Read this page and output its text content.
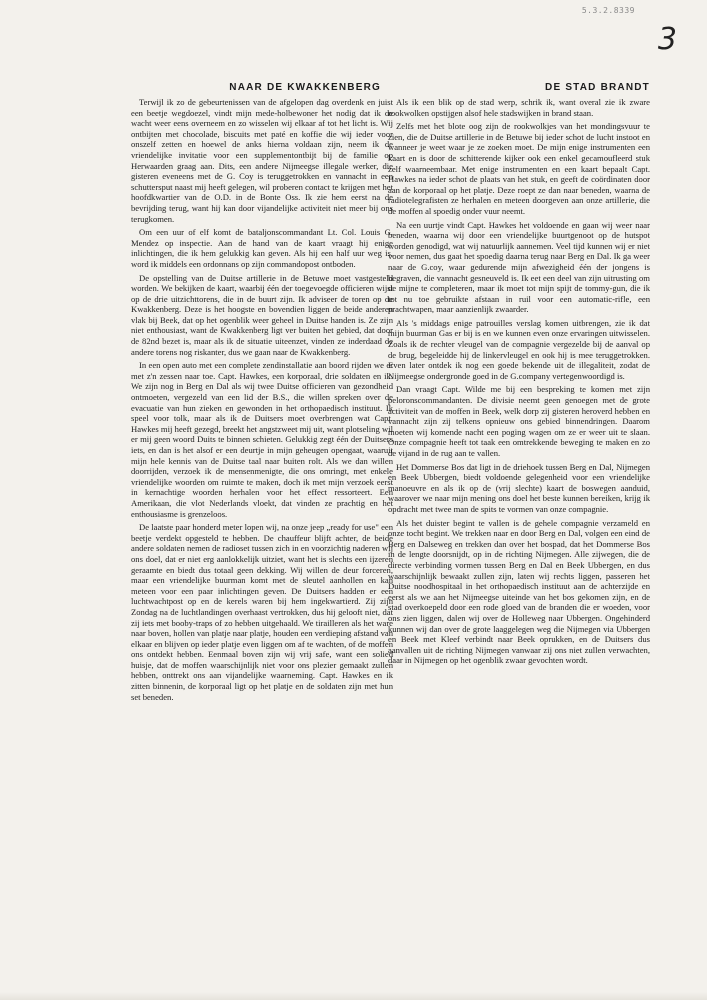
5.3.2.8339
3
NAAR DE KWAKKENBERG

Terwijl ik zo de gebeurtenissen van de afgelopen dag overdenk en juist een beetje wegdoezel, vindt mijn mede-holbewoner het nodig dat ik de wacht weer eens overneem en zo wisselen wij elkaar af tot het licht is. Wij ontbijten met chocolade, biscuits met paté en koffie die wij ieder voor onszelf zetten en hoewel de anks hierna voldaan zijn, neem ik de vriendelijke invitatie voor een supplementontbijt bij de familie op Herwaarden graag aan. Dits, een andere Nijmeegse illegale werker, die gisteren eveneens met de G. Coy is teruggetrokken en vannacht in een schuttersput naast mij heeft gelegen, wil proberen contact te krijgen met het hoofdkwartier van de O.D. in de Bonte Oss. Ik zie hem eerst na de bevrijding terug, want hij kan door vijandelijke activiteit niet meer bij ons terugkomen.

Om een uur of elf komt de bataljonscommandant Lt. Col. Louis G. Mendez op inspectie. Aan de hand van de kaart vraagt hij enige inlichtingen, die ik hem gelukkig kan geven. Als hij een half uur weg is, word ik middels een ordonnans op zijn commandopost ontboden.

De opstelling van de Duitse artillerie in de Betuwe moet vastgesteld worden. We bekijken de kaart, waarbij één der toegevoegde officieren wijst op de drie uitzichttorens, die in de buurt zijn. Ik adviseer de toren op de Kwakkenberg. Deze is het hoogste en bovendien liggen de beide anderen vlak bij Beek, dat op het ogenblik weer geheel in Duitse handen is. Ze zijn niet enthousiast, want de Kwakkenberg ligt ver buiten het gebied, dat door de 82nd bezet is, maar als ik de situatie uiteenzet, vinden ze inderdaad de andere torens nog riskanter, dus we gaan naar de Kwakkenberg.

In een open auto met een complete zendinstallatie aan boord rijden we er met z'n zessen naar toe. Capt. Hawkes, een korporaal, drie soldaten en ik. We zijn nog in Berg en Dal als wij twee Duitse officieren van gezondheid ontmoeten, vergezeld van een lid der B.S., die willen spreken over de evacuatie van hun zieken en gewonden in het orthopaedisch instituut. Ik speel voor tolk, maar als ik de Duitsers moet overbrengen wat Capt. Hawkes mij heeft gezegd, breekt het angstzweet mij uit, want plotseling wil er mij geen woord Duits te binnen schieten. Gelukkig zegt één der Duitsers iets, en dan is het alsof er een deurtje in mijn geheugen opengaat, waaruit mijn hele kennis van de Duitse taal naar buiten rolt. Als we dan willen doorrijden, verzoek ik de mensenmenigte, die ons omringt, met enkele vriendelijke woorden om ruimte te maken, doch ik met mijn verzoek eerst in kernachtige woorden herhalen voor het effect ressorteert. Een Amerikaan, die vlot Nederlands vloekt, dat vinden ze prachtig en het enthousiasme is grenzeloos.

De laatste paar honderd meter lopen wij, na onze jeep „ready for use" een beetje verdekt opgesteld te hebben. De chauffeur blijft achter, de beide andere soldaten nemen de radioset tussen zich in en voorzichtig naderen wij ons doel, dat er niet erg aanlokkelijk uitziet, want het is slechts een ijzeren geraamte en biedt dus totaal geen dekking. Wij willen de deur forceren, maar een vriendelijke buurman komt met de sleutel aanhollen en kan meteen voor een paar inlichtingen geven. De Duitsers hadden er een luchtwachtpost op en de kerels waren bij hem ingekwartierd. Zij zijn Zondag na de luchtlandingen overhaast vertrokken, dus hij gelooft niet, dat zij iets met booby-traps of zo hebben uitgehaald. We tirailleren als het ware naar boven, hollen van platje naar platje, houden een verdieping afstand van elkaar en blijven op ieder platje even liggen om af te wachten, of de moffen ons ontdekt hebben. Eenmaal boven zijn wij vrij safe, want een solied huisje, dat de moffen waarschijnlijk niet voor ons plezier gemaakt zullen hebben, onttrekt ons aan vijandelijke waarneming. Capt. Hawkes en ik zitten binnenin, de korporaal ligt op het platje en de soldaten zijn met hun set beneden.

DE STAD BRANDT

Als ik een blik op de stad werp, schrik ik, want overal zie ik zware rookwolken opstijgen alsof hele stadswijken in brand staan.

Zelfs met het blote oog zijn de rookwolkjes van het mondingsvuur te zien, die de Duitse artillerie in de Betuwe bij ieder schot de lucht instoot en wanneer je weet waar je ze zoeken moet. De mijn enige instrumenten een kaart en is door de schitterende kijker ook een enkel gecamoufleerd stuk zelf waarneembaar. Met enige instrumenten en een kaart bepaalt Capt. Hawkes na ieder schot de plaats van het stuk, en geeft de coördinaten door aan de korporaal op het platje. Deze roept ze dan naar beneden, waarna de radiotelegrafisten ze herhalen en meteen doorgeven aan onze artillerie, die de moffen al spoedig onder vuur neemt.

Na een uurtje vindt Capt. Hawkes het voldoende en gaan wij weer naar beneden, waarna wij door een vriendelijke buurtgenoot op de hutspot worden genodigd, wat wij natuurlijk aannemen. Veel tijd kunnen wij er niet voor nemen, dus gaat het spoedig daarna terug naar Berg en Dal. Ik ga weer naar de G.coy, waar gedurende mijn afwezigheid één der jongens is begraven, die vannacht gesneuveld is. Ik eet een deel van zijn uitrusting om de mijne te completeren, maar ik moet tot mijn spijt de tommy-gun, die ik tot nu toe gebruikte afstaan in ruil voor een automatic-rifle, een prachtwapen, maar aanzienlijk zwaarder.

Als 's middags enige patrouilles verslag komen uitbrengen, zie ik dat mijn buurman Gas er bij is en we kunnen even onze ervaringen uitwisselen. Zoals ik de rechter vleugel van de compagnie vergezelde bij de aanval op de brug, begeleidde hij de linkervleugel en ook hij is mee teruggetrokken. Even later ontdek ik nog een goede bekende uit de illegaliteit, zodat de Nijmeegse ondergronde goed in de G.company vertegenwoordigd is.

Dan vraagt Capt. Wilde me bij een bespreking te komen met zijn peloronscommandanten. De divisie neemt geen genoegen met de grote activiteit van de moffen in Beek, welk dorp zij gisteren heroverd hebben en vannacht zijn zij telkens opnieuw ons gebied binnendringen. Daarom moeten wij komende nacht een poging wagen om ze er weer uit te slaan. Onze compagnie heeft tot taak een omtrekkende beweging te maken en zo de vijand in de rug aan te vallen.

Het Dommerse Bos dat ligt in de driehoek tussen Berg en Dal, Nijmegen en Beek Ubbergen, biedt voldoende gelegenheid voor een vriendelijke manoeuvre en als ik op de (vrij slechte) kaart de boswegen aanduid, waarover we naar mijn mening ons doel het beste kunnen bereiken, krijg ik opdracht met twee man de spits te vormen van onze compagnie.

Als het duister begint te vallen is de gehele compagnie verzameld en onze tocht begint. We trekken naar en door Berg en Dal, volgen een eind de Berg en Dalseweg en trekken dan over het bospad, dat het Dommerse Bos in de lengte doorsnijdt, op in de richting Nijmegen. Alle zijwegen, die de directe verbinding vormen tussen Berg en Dal en Beek Ubbergen, en dus waarschijnlijk bewaakt zullen zijn, laten wij rechts liggen, passeren het Duitse noodhospitaal in het orthopaedisch instituut aan de achterzijde en eerst als we aan het Nijmeegse uiteinde van het bos gekomen zijn, en de stad overkoepeld door een rode gloed van de branden die er woeden, voor ons zien liggen, dalen wij over de Holleweg naar Ubbergen. Ongehinderd kunnen wij dan over de grote laaggelegen weg die Nijmegen via Ubbergen en Beek met Kleef verbindt naar Beek oprukken, en de Duitsers dus aanvallen uit de richting Nijmegen vanwaar zij ons niet zullen verwachten, daar in Nijmegen op het ogenblik zwaar gevochten wordt.
